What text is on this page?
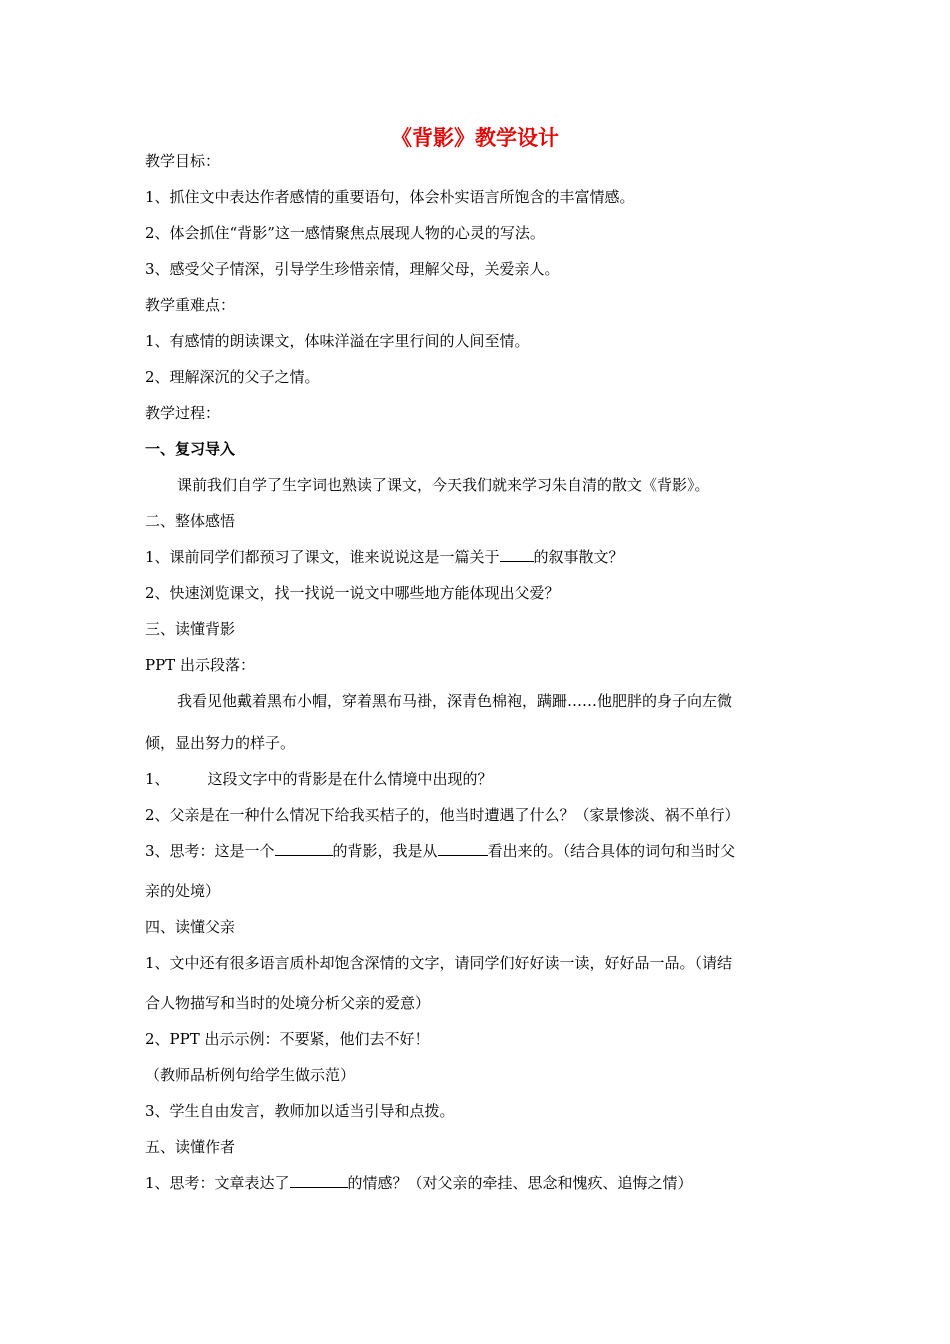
《背影》教学设计
教学目标：
1、抓住文中表达作者感情的重要语句，体会朴实语言所饱含的丰富情感。
2、体会抓住“背影”这一感情聚焦点展现人物的心灵的写法。
3、感受父子情深，引导学生珍惜亲情，理解父母，关爱亲人。
教学重难点：
1、有感情的朗读课文，体味洋溢在字里行间的人间至情。
2、理解深沉的父子之情。
教学过程：
一、复习导入
课前我们自学了生字词也熟读了课文，今天我们就来学习朱自清的散文《背影》。
二、整体感悟
1、课前同学们都预习了课文，谁来说说这是一篇关于 的叙事散文？
2、快速浏览课文，找一找说一说文中哪些地方能体现出父爱？
三、读懂背影
PPT 出示段落：
我看见他戴着黑布小帽，穿着黑布马褂，深青色棉袍，蹒跚……他肥胖的身子向左微
倾，显出努力的样子。
1、	这段文字中的背影是在什么情境中出现的？
2、父亲是在一种什么情况下给我买桔子的，他当时遭遇了什么？（家景惨淡、祸不单行）
3、思考：这是一个	的背影，我是从	看出来的。（结合具体的词句和当时父
亲的处境）
四、读懂父亲
1、文中还有很多语言质朴却饱含深情的文字，请同学们好好读一读，好好品一品。（请结
合人物描写和当时的处境分析父亲的爱意）
2、PPT 出示示例：不要紧，他们去不好！
（教师品析例句给学生做示范）
3、学生自由发言，教师加以适当引导和点拨。
五、读懂作者
1、思考：文章表达了	的情感？（对父亲的牵挂、思念和愧疚、追悔之情）
